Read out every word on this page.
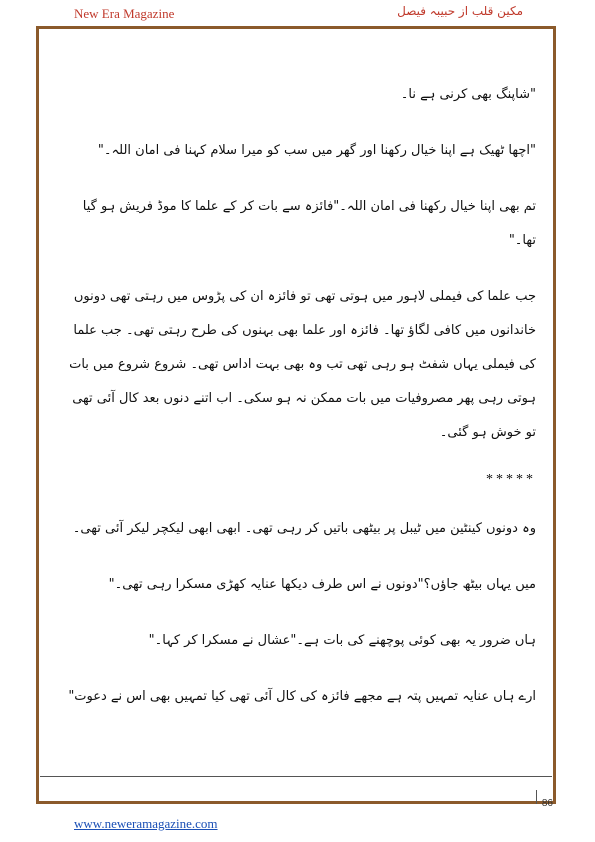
New Era Magazine	مکین قلب از حبیبہ فیصل

"شاپنگ بھی کرنی ہے نا۔

"اچھا ٹھیک ہے اپنا خیال رکھنا اور گھر میں سب کو میرا سلام کہنا فی امان اللہ۔"

تم بھی اپنا خیال رکھنا فی امان اللہ۔"فائزہ سے بات کر کے علما کا موڈ فریش ہو گیا تھا۔"

جب علما کی فیملی لاہور میں ہوتی تھی تو فائزہ ان کی پڑوس میں رہتی تھی دونوں خاندانوں میں کافی لگاؤ تھا۔ فائزہ اور علما بھی بہنوں کی طرح رہتی تھی۔ جب علما کی فیملی یہاں شفٹ ہو رہی تھی تب وہ بھی بہت اداس تھی۔ شروع شروع میں بات ہوتی رہی پھر مصروفیات میں بات ممکن نہ ہو سکی۔ اب اتنے دنوں بعد کال آئی تھی تو خوش ہو گئی۔

*****

وہ دونوں کینٹین میں ٹیبل پر بیٹھی باتیں کر رہی تھی۔ ابھی ابھی لیکچر لیکر آئی تھی۔

میں یہاں بیٹھ جاؤں؟"دونوں نے اس طرف دیکھا عنایہ کھڑی مسکرا رہی تھی۔"

ہاں ضرور یہ بھی کوئی پوچھنے کی بات ہے۔"عشال نے مسکرا کر کہا۔"

ارے ہاں عنایہ تمہیں پتہ ہے مجھے فائزہ کی کال آئی تھی کیا تمہیں بھی اس نے دعوت"

86
www.neweramagazine.com
